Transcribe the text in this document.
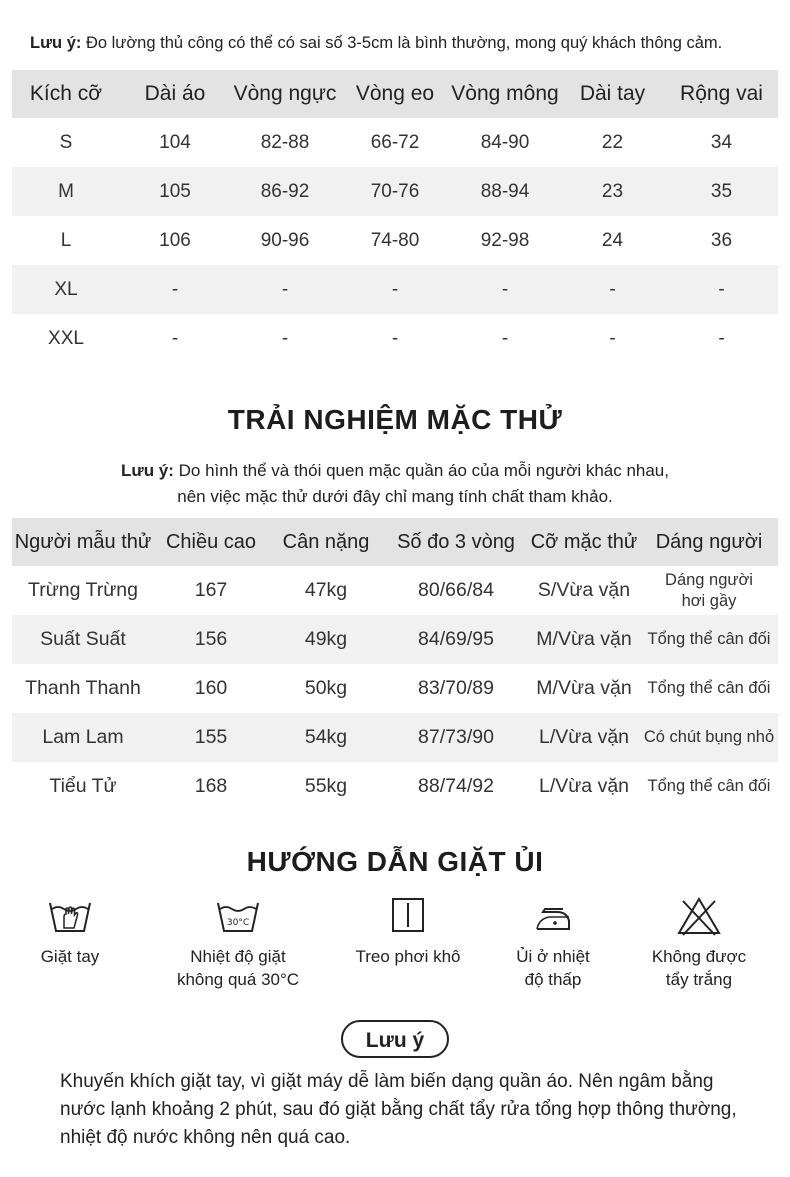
Lưu ý: Đo lường thủ công có thể có sai số 3-5cm là bình thường, mong quý khách thông cảm.
Kích cỡ	Dài áo	Vòng ngực	Vòng eo	Vòng mông	Dài tay	Rộng vai
S	104	82-88	66-72	84-90	22	34
M	105	86-92	70-76	88-94	23	35
L	106	90-96	74-80	92-98	24	36
XL	-	-	-	-	-	-
XXL	-	-	-	-	-	-
TRẢI NGHIỆM MẶC THỬ
Lưu ý: Do hình thể và thói quen mặc quần áo của mỗi người khác nhau,
nên việc mặc thử dưới đây chỉ mang tính chất tham khảo.
Người mẫu thử	Chiều cao	Cân nặng	Số đo 3 vòng	Cỡ mặc thử	Dáng người
Trừng Trừng	167	47kg	80/66/84	S/Vừa vặn	Dáng người hơi gầy
Suất Suất	156	49kg	84/69/95	M/Vừa vặn	Tổng thể cân đối
Thanh Thanh	160	50kg	83/70/89	M/Vừa vặn	Tổng thể cân đối
Lam Lam	155	54kg	87/73/90	L/Vừa vặn	Có chút bụng nhỏ
Tiểu Tử	168	55kg	88/74/92	L/Vừa vặn	Tổng thể cân đối
HƯỚNG DẪN GIẶT ỦI
Giặt tay
30°C
Nhiệt độ giặt
không quá 30°C
Treo phơi khô	Ủi ở nhiệt
độ thấp
Không được
tẩy trắng
Lưu ý
Khuyến khích giặt tay, vì giặt máy dễ làm biến dạng quần áo. Nên ngâm bằng nước lạnh khoảng 2 phút, sau đó giặt bằng chất tẩy rửa tổng hợp thông thường, nhiệt độ nước không nên quá cao.
